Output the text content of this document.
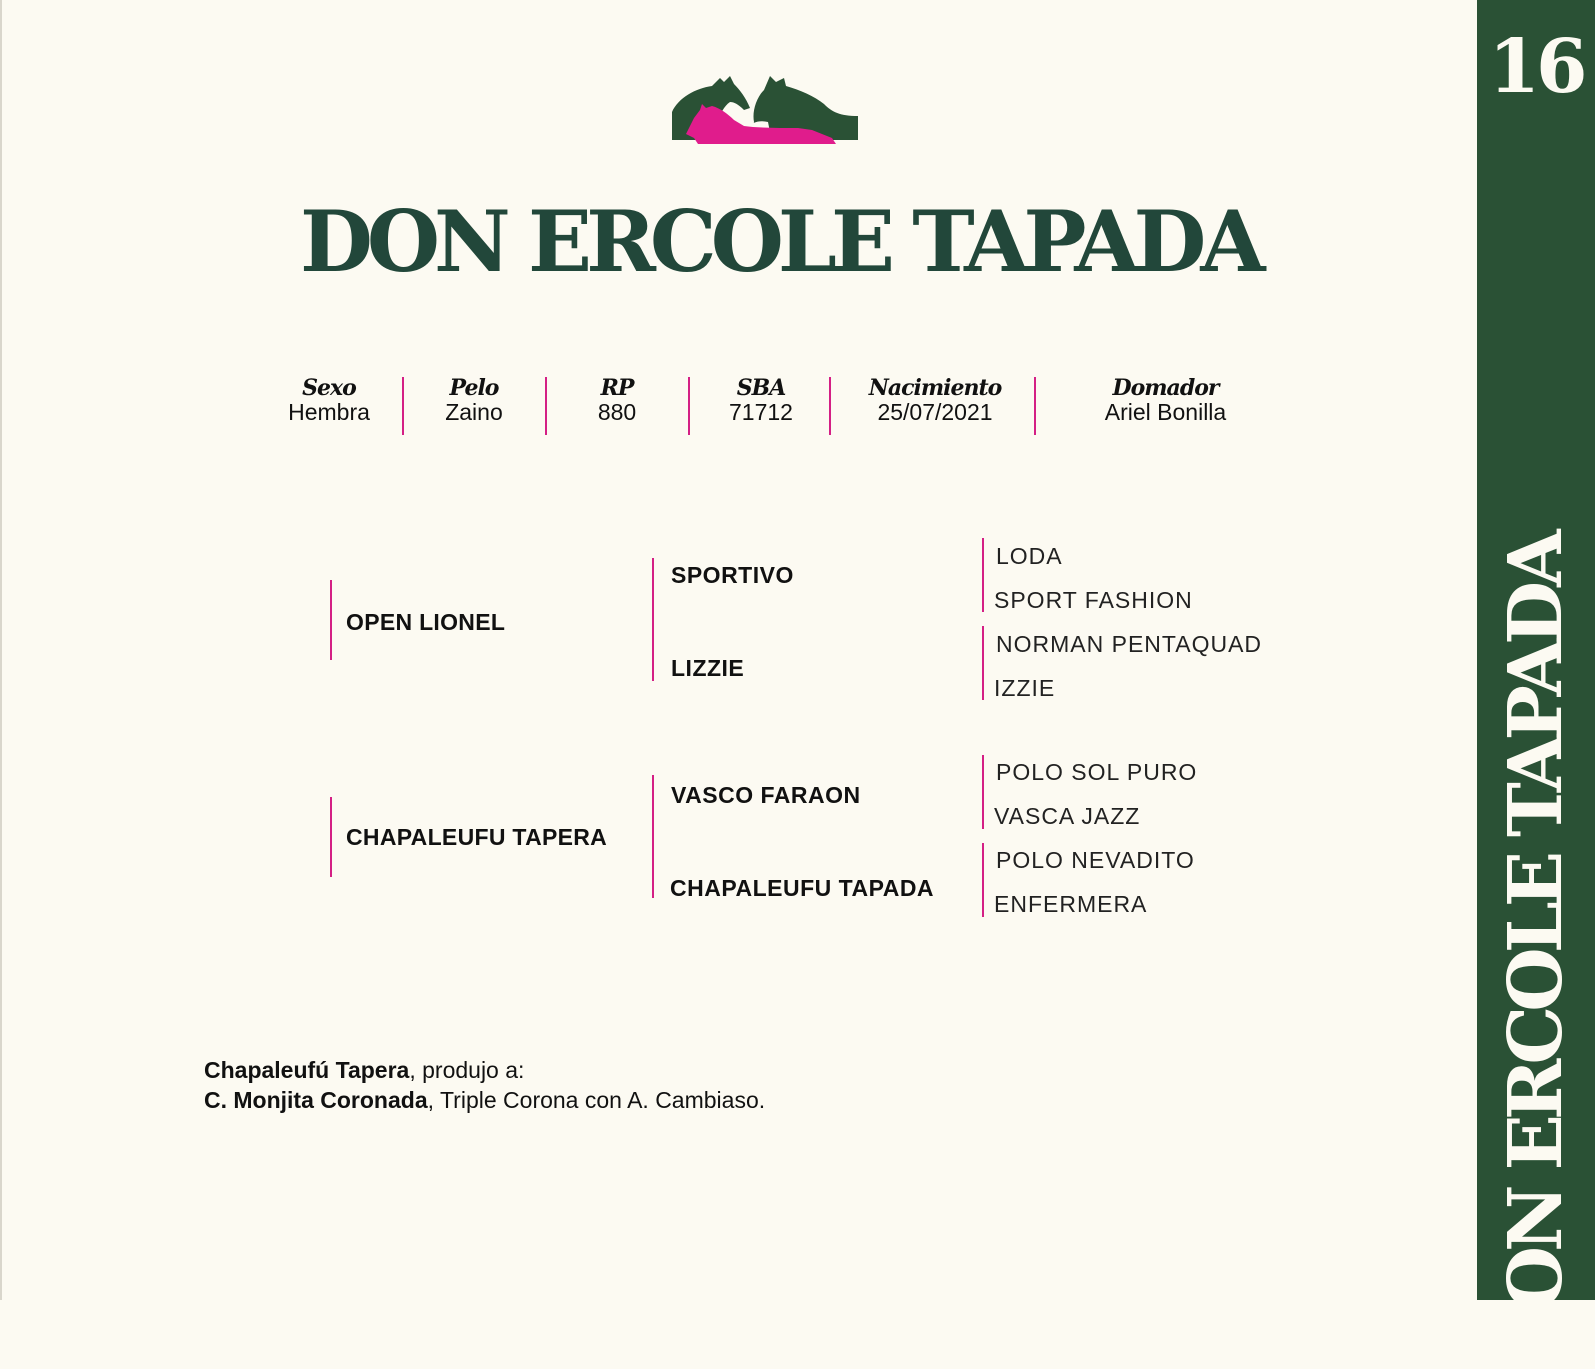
DON ERCOLE TAPADA
Sexo
Hembra
Pelo
Zaino
RP
880
SBA
71712
Nacimiento
25/07/2021
Domador
Ariel Bonilla
OPEN LIONEL
SPORTIVO
LIZZIE
LODA
SPORT FASHION
NORMAN PENTAQUAD
IZZIE
CHAPALEUFU TAPERA
VASCO FARAON
CHAPALEUFU TAPADA
POLO SOL PURO
VASCA JAZZ
POLO NEVADITO
ENFERMERA
Chapaleufú Tapera, produjo a:
C. Monjita Coronada, Triple Corona con A. Cambiaso.
16
DON ERCOLE TAPADA
